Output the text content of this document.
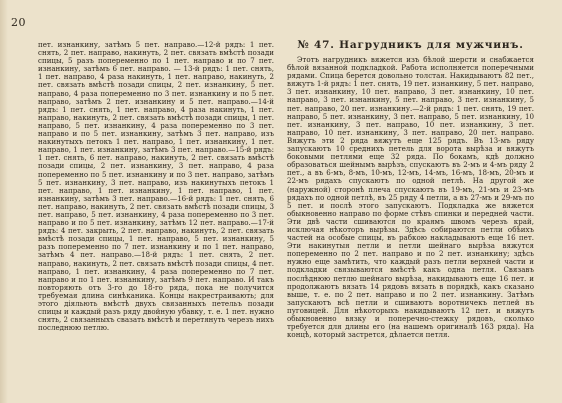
20

пет. изнанкину, затѣмъ 5 пет. направо.—12-й рядъ: 1 пет. снять, 2 пет. направо, накинуть, 2 пет. связать вмѣстѣ позади спицы, 5 разъ попеременно по 1 пет. направо и по 7 пет. изнанкину, затѣмъ 6 пет. направо. — 13-й рядъ: 1 пет. снять, 1 пет. направо, 4 раза накинуть, 1 пет. направо, накинуть, 2 пет. связать вмѣстѣ позади спицы, 2 пет. изнанкину, 5 пет. направо, 4 раза попеременно по 3 пет. изнанкину и по 5 пет. направо, затѣмъ 2 пет. изнанкину и 5 пет. направо.—14-й рядъ: 1 пет. снять, 1 пет. направо, 4 раза накинуть, 1 пет. направо, накинуть, 2 пет. связать вмѣстѣ позади спицы, 1 пет. направо, 5 пет. изнанкину, 4 раза попеременно по 3 пет. направо и по 5 пет. изнанкину, затѣмъ 3 пет. направо, изъ накинутыхъ петокъ 1 пет. направо, 1 пет. изнанкину, 1 пет. направо, 1 пет. изнанкину, затѣмъ 3 пет. направо.—15-й рядъ: 1 пет. снять, 6 пет. направо, накинуть, 2 пет. связать вмѣстѣ позади спицы, 2 пет. изнанкину, 3 пет. направо, 4 раза попеременно по 5 пет. изнанкину и по 3 пет. направо, затѣмъ 5 пет. изнанкину, 3 пет. направо, изъ накинутыхъ петокъ 1 пет. направо, 1 пет. изнанкину, 1 пет. направо, 1 пет. изнанкину, затѣмъ 3 пет. направо.—16-й рядъ: 1 пет. снять, 6 пет. направо, накинуть, 2 пет. связать вмѣстѣ позади спицы, 3 пет. направо, 5 пет. изнанкину, 4 раза попеременно по 3 пет. направо и по 5 пет. изнанкину, затѣмъ 12 пет. направо.—17-й рядъ: 4 пет. закрыть, 2 пет. направо, накинуть, 2 пет. связать вмѣстѣ позади спицы, 1 пет. направо, 5 пет. изнанкину, 5 разъ попеременно по 7 пет. изнанкину и по 1 пет. направо, затѣмъ 4 пет. направо.—18-й рядъ: 1 пет. снять, 2 пет. направо, накинуть, 2 пет. связать вмѣстѣ позади спицы, 4 пет. направо, 1 пет. изнанкину, 4 раза попеременно по 7 пет. направо и по 1 пет. изнанкину, затѣмъ 9 пет. направо. И такъ повторяють отъ 3-го до 18-го ряда, пока не получится требуемая длина синѣканика. Концы накрестраивають; для этого діяльють вмѣстѣ двухъ связанныхъ петельъ позади спицы и каждый разъ ряду двойную убавку, т. е. 1 пет. нужно снять, 2 связанныхъ свазать вмѣстѣ и перетянуть черезъ нихъ последнюю петлю.

№ 47. Нагрудникъ для мужчинъ.

Этотъ нагрудникъ вяжется изъ бѣлой шерсти и снабжается бѣлой вязанной подкладкой. Работа исполняется поперечными рядами. Спица берется довольно толстая. Накидываютъ 82 пет., вяжутъ 1-й рядъ: 1 пет. снять, 19 пет. изнанкину, 5 пет. направо, 3 пет. изнанкину, 10 пет. направо, 3 пет. изнанкину, 10 пет. направо, 3 пет. изнанкину, 5 пет. направо, 3 пет. изнанкину, 5 пет. направо, 20 пет. изнанкину.—2-й рядъ: 1 пет. снять, 19 пет. направо, 5 пет. изнанкину, 3 пет. направо, 5 пет. изнанкину, 10 пет. изнанкину, 3 пет. направо, 10 пет. изнанкину, 3 пет. направо, 10 пет. изнанкину, 3 пет. направо, 20 пет. направо. Вяжутъ эти 2 ряда вяжутъ еще 125 рядъ. Въ 13-мъ ряду запускаютъ 10 среднихъ петель для ворота вырѣза и вяжутъ боковыми петлями еще 32 ряда. По бокамъ, кдѣ должно образоваться шейнымъ вырѣзъ, спускаютъ въ 2-мъ и 4-мъ ряду 2 пет., а въ 6-мъ, 8-мъ, 10-мъ, 12-мъ, 14-мъ, 16-мъ, 18-мъ, 20-мъ и 22-мъ рядахъ спускаютъ по одной петлѣ. На другой же (наружной) сторонѣ плеча спускаютъ въ 19-мъ, 21-мъ и 23-мъ рядахъ по одной петлѣ, въ 25 ряду 4 петли, а въ 27-мъ и 29-мъ по 5 пет. и послѣ этого запускаютъ. Подкладка же вяжется обыкновенно направо по форме стѣвъ спинки и передней части. Эти двѣ части сшиваются по краямъ швомъ черезъ край, исключая нѣкоторъ вырѣзы. Здѣсь собираются петли обѣихъ частей на особые спицы, въ рабкою накладываютъ еще 16 пет. Эти накинутыя петли и петли шейнаго вырѣза вяжутся попеременно по 2 пет. направо и по 2 пет. изнанкину; здѣсь нужно еще замѣтить, что каждый разъ петли верхней части и подкладки связываются вмѣстѣ какъ одна петля. Связавъ послѣднюю петлю шейнаго вырѣза, накидываютъ еще 16 пет. и продолжаютъ вязать 14 рядовъ вязать в порядкѣ, какъ сказано выше, т. е. по 2 пет. направо и по 2 пет. изнанкину. Затѣмъ запускаютъ всѣ петли и сшиваютъ воротничекъ петлей въ пуговицей. Для нѣкоторыхъ накидываютъ 12 пет. и вяжутъ обыкновенно вязку и поперечно-стежку рядовъ, сколько требуется для длины его (на нашемъ оригиналѣ 163 ряда). На концѣ, который застрется, дѣлается петля.
